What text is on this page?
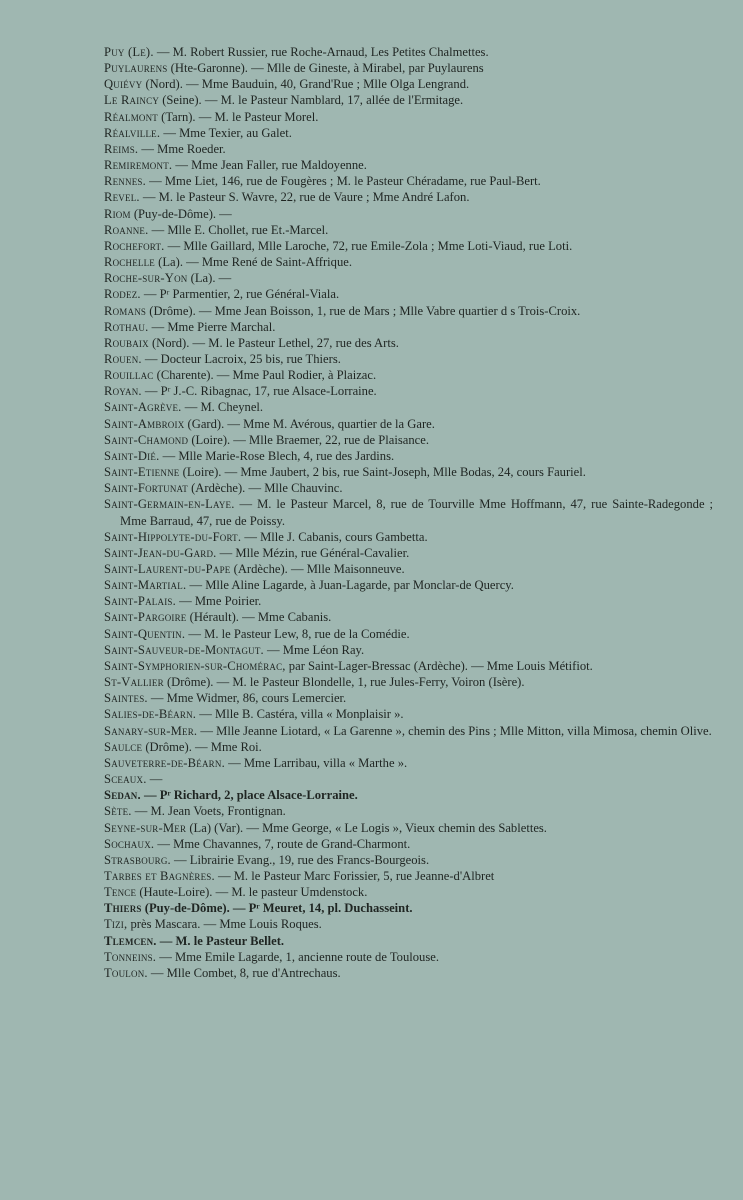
Puy (Le). — M. Robert Russier, rue Roche-Arnaud, Les Petites Chalmettes.
Puylaurens (Hte-Garonne). — Mlle de Gineste, à Mirabel, par Puylaurens
Quiévy (Nord). — Mme Bauduin, 40, Grand'Rue ; Mlle Olga Lengrand.
Le Raincy (Seine). — M. le Pasteur Namblard, 17, allée de l'Ermitage.
Réalmont (Tarn). — M. le Pasteur Morel.
Réalville. — Mme Texier, au Galet.
Reims. — Mme Roeder.
Remiremont. — Mme Jean Faller, rue Maldoyenne.
Rennes. — Mme Liet, 146, rue de Fougères ; M. le Pasteur Chéradame, rue Paul-Bert.
Revel. — M. le Pasteur S. Wavre, 22, rue de Vaure ; Mme André Lafon.
Riom (Puy-de-Dôme). —
Roanne. — Mlle E. Chollet, rue Et.-Marcel.
Rochefort. — Mlle Gaillard, Mlle Laroche, 72, rue Emile-Zola ; Mme Loti-Viaud, rue Loti.
Rochelle (La). — Mme René de Saint-Affrique.
Roche-sur-Yon (La). —
Rodez. — Pʳ Parmentier, 2, rue Général-Viala.
Romans (Drôme). — Mme Jean Boisson, 1, rue de Mars ; Mlle Vabre quartier d s Trois-Croix.
Rothau. — Mme Pierre Marchal.
Roubaix (Nord). — M. le Pasteur Lethel, 27, rue des Arts.
Rouen. — Docteur Lacroix, 25 bis, rue Thiers.
Rouillac (Charente). — Mme Paul Rodier, à Plaizac.
Royan. — Pʳ J.-C. Ribagnac, 17, rue Alsace-Lorraine.
Saint-Agrève. — M. Cheynel.
Saint-Ambroix (Gard). — Mme M. Avérous, quartier de la Gare.
Saint-Chamond (Loire). — Mlle Braemer, 22, rue de Plaisance.
Saint-Dié. — Mlle Marie-Rose Blech, 4, rue des Jardins.
Saint-Etienne (Loire). — Mme Jaubert, 2 bis, rue Saint-Joseph, Mlle Bodas, 24, cours Fauriel.
Saint-Fortunat (Ardèche). — Mlle Chauvinc.
Saint-Germain-en-Laye. — M. le Pasteur Marcel, 8, rue de Tourville Mme Hoffmann, 47, rue Sainte-Radegonde ; Mme Barraud, 47, rue de Poissy.
Saint-Hippolyte-du-Fort. — Mlle J. Cabanis, cours Gambetta.
Saint-Jean-du-Gard. — Mlle Mézin, rue Général-Cavalier.
Saint-Laurent-du-Pape (Ardèche). — Mlle Maisonneuve.
Saint-Martial. — Mlle Aline Lagarde, à Juan-Lagarde, par Monclar-de Quercy.
Saint-Palais. — Mme Poirier.
Saint-Pargoire (Hérault). — Mme Cabanis.
Saint-Quentin. — M. le Pasteur Lew, 8, rue de la Comédie.
Saint-Sauveur-de-Montagut. — Mme Léon Ray.
Saint-Symphorien-sur-Chomérac, par Saint-Lager-Bressac (Ardèche). — Mme Louis Métifiot.
St-Vallier (Drôme). — M. le Pasteur Blondelle, 1, rue Jules-Ferry, Voiron (Isère).
Saintes. — Mme Widmer, 86, cours Lemercier.
Salies-de-Béarn. — Mlle B. Castéra, villa « Monplaisir ».
Sanary-sur-Mer. — Mlle Jeanne Liotard, « La Garenne », chemin des Pins ; Mlle Mitton, villa Mimosa, chemin Olive.
Saulce (Drôme). — Mme Roi.
Sauveterre-de-Béarn. — Mme Larribau, villa « Marthe ».
Sceaux. —
Sedan. — Pʳ Richard, 2, place Alsace-Lorraine.
Sète. — M. Jean Voets, Frontignan.
Seyne-sur-Mer (La) (Var). — Mme George, « Le Logis », Vieux chemin des Sablettes.
Sochaux. — Mme Chavannes, 7, route de Grand-Charmont.
Strasbourg. — Librairie Evang., 19, rue des Francs-Bourgeois.
Tarbes et Bagnères. — M. le Pasteur Marc Forissier, 5, rue Jeanne-d'Albret
Tence (Haute-Loire). — M. le pasteur Umdenstock.
Thiers (Puy-de-Dôme). — Pʳ Meuret, 14, pl. Duchasseint.
Tizi, près Mascara. — Mme Louis Roques.
Tlemcen. — M. le Pasteur Bellet.
Tonneins. — Mme Emile Lagarde, 1, ancienne route de Toulouse.
Toulon. — Mlle Combet, 8, rue d'Antrechaus.
